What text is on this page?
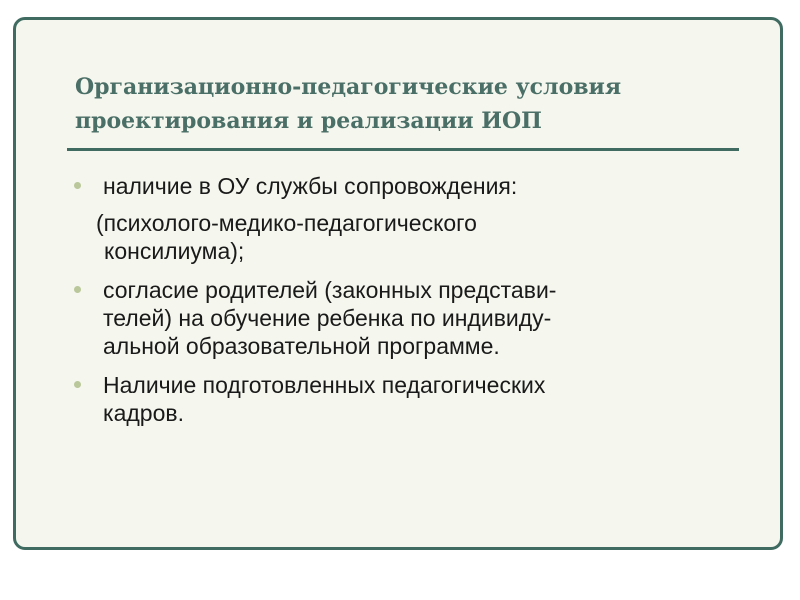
Организационно-педагогические условия
проектирования и реализации ИОП
наличие в ОУ службы сопровождения:
(психолого-медико-педагогического
консилиума);
согласие родителей (законных представи-
телей) на обучение ребенка по индивиду-
альной образовательной программе.
Наличие подготовленных педагогических
кадров.
